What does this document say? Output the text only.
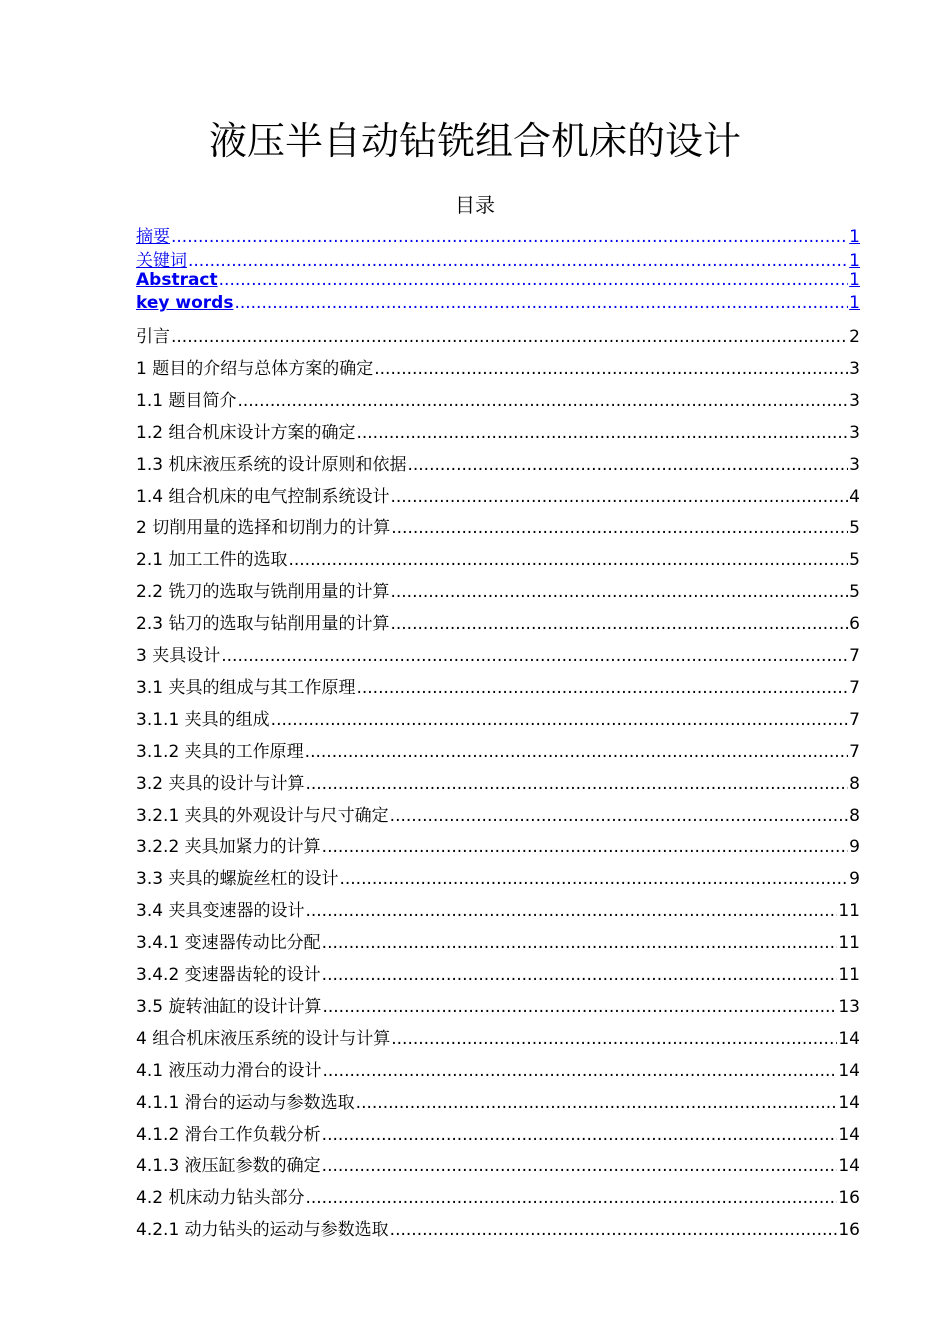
液压半自动钻铣组合机床的设计
目录
摘要 .....	1
关键词 .....	1
Abstract .....	1
key words .....	1
引言 .....	2
1 题目的介绍与总体方案的确定 .....	3
1.1 题目简介 .....	3
1.2 组合机床设计方案的确定 .....	3
1.3 机床液压系统的设计原则和依据 .....	3
1.4 组合机床的电气控制系统设计 .....	4
2 切削用量的选择和切削力的计算 .....	5
2.1 加工工件的选取 .....	5
2.2 铣刀的选取与铣削用量的计算 .....	5
2.3 钻刀的选取与钻削用量的计算 .....	6
3 夹具设计 .....	7
3.1 夹具的组成与其工作原理 .....	7
3.1.1 夹具的组成 .....	7
3.1.2 夹具的工作原理 .....	7
3.2 夹具的设计与计算 .....	8
3.2.1 夹具的外观设计与尺寸确定 .....	8
3.2.2 夹具加紧力的计算 .....	9
3.3 夹具的螺旋丝杠的设计 .....	9
3.4 夹具变速器的设计 .....	11
3.4.1 变速器传动比分配 .....	11
3.4.2 变速器齿轮的设计 .....	11
3.5 旋转油缸的设计计算 .....	13
4 组合机床液压系统的设计与计算 .....	14
4.1 液压动力滑台的设计 .....	14
4.1.1 滑台的运动与参数选取 .....	14
4.1.2 滑台工作负载分析 .....	14
4.1.3 液压缸参数的确定 .....	14
4.2 机床动力钻头部分 .....	16
4.2.1 动力钻头的运动与参数选取 .....	16
